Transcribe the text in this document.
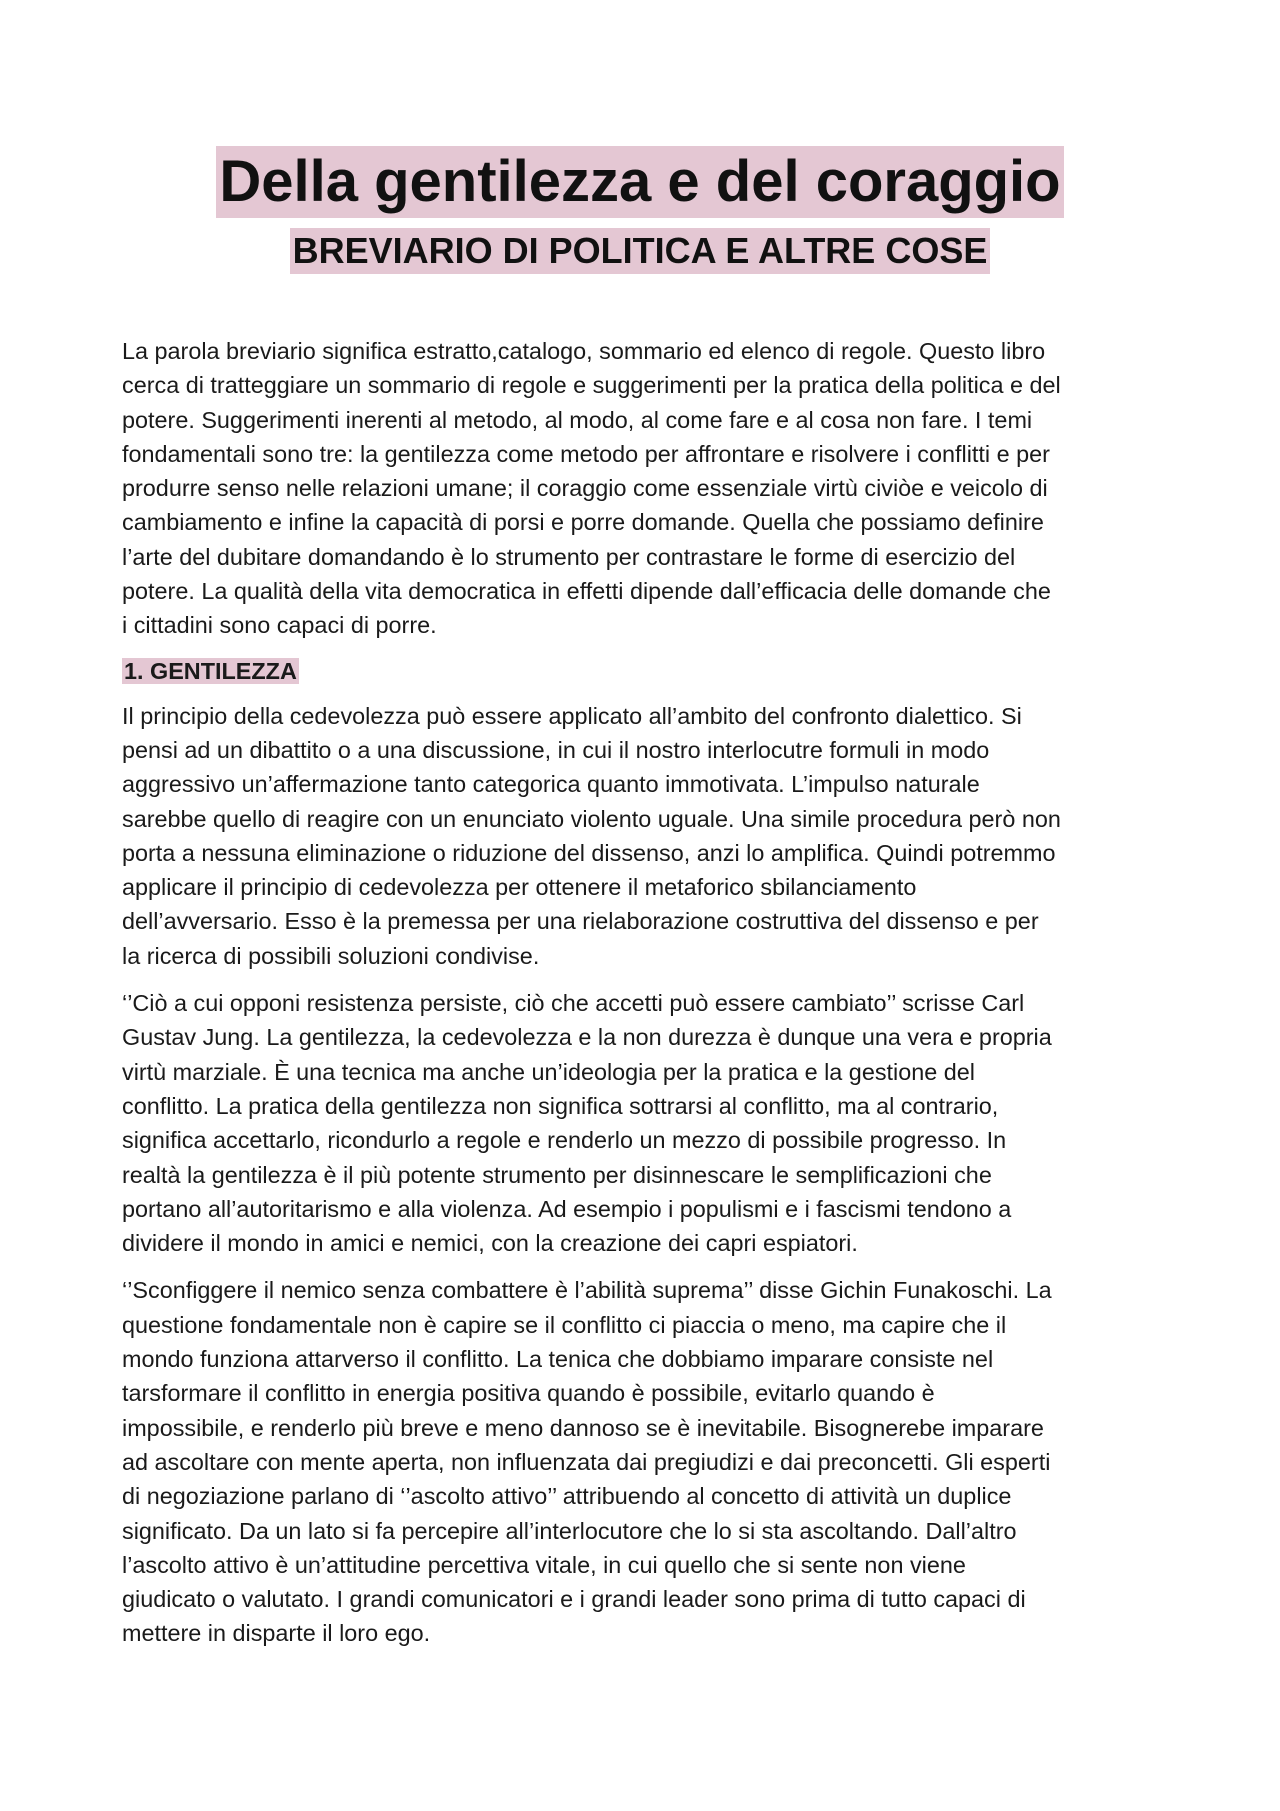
Della gentilezza e del coraggio
BREVIARIO DI POLITICA E ALTRE COSE
La parola breviario significa estratto,catalogo, sommario ed elenco di regole. Questo libro
cerca di tratteggiare un sommario di regole e suggerimenti per la pratica della politica e del
potere. Suggerimenti inerenti al metodo, al modo, al come fare e al cosa non fare. I temi
fondamentali sono tre: la gentilezza come metodo per affrontare e risolvere i conflitti e per
produrre senso nelle relazioni umane; il coraggio come essenziale virtù civiòe e veicolo di
cambiamento e infine la capacità di porsi e porre domande. Quella che possiamo definire
l’arte del dubitare domandando è lo strumento per contrastare le forme di esercizio del
potere. La qualità della vita democratica in effetti dipende dall’efficacia delle domande che
i cittadini sono capaci di porre.
1. GENTILEZZA
Il principio della cedevolezza può essere applicato all’ambito del confronto dialettico. Si
pensi ad un dibattito o a una discussione, in cui il nostro interlocutre formuli in modo
aggressivo un’affermazione tanto categorica quanto immotivata. L’impulso naturale
sarebbe quello di reagire con un enunciato violento uguale. Una simile procedura però non
porta a nessuna eliminazione o riduzione del dissenso, anzi lo amplifica. Quindi potremmo
applicare il principio di cedevolezza per ottenere il metaforico sbilanciamento
dell’avversario. Esso è la premessa per una rielaborazione costruttiva del dissenso e per
la ricerca di possibili soluzioni condivise.
‘’Ciò a cui opponi resistenza persiste, ciò che accetti può essere cambiato’’ scrisse Carl
Gustav Jung. La gentilezza, la cedevolezza e la non durezza è dunque una vera e propria
virtù marziale. È una tecnica ma anche un’ideologia per la pratica e la gestione del
conflitto. La pratica della gentilezza non significa sottrarsi al conflitto, ma al contrario,
significa accettarlo, ricondurlo a regole e renderlo un mezzo di possibile progresso. In
realtà la gentilezza è il più potente strumento per disinnescare le semplificazioni che
portano all’autoritarismo e alla violenza. Ad esempio i populismi e i fascismi tendono a
dividere il mondo in amici e nemici, con la creazione dei capri espiatori.
‘’Sconfiggere il nemico senza combattere è l’abilità suprema’’ disse Gichin Funakoschi. La
questione fondamentale non è capire se il conflitto ci piaccia o meno, ma capire che il
mondo funziona attarverso il conflitto. La tenica che dobbiamo imparare consiste nel
tarsformare il conflitto in energia positiva quando è possibile, evitarlo quando è
impossibile, e renderlo più breve e meno dannoso se è inevitabile. Bisognerebe imparare
ad ascoltare con mente aperta, non influenzata dai pregiudizi e dai preconcetti. Gli esperti
di negoziazione parlano di ‘’ascolto attivo’’ attribuendo al concetto di attività un duplice
significato. Da un lato si fa percepire all’interlocutore che lo si sta ascoltando. Dall’altro
l’ascolto attivo è un’attitudine percettiva vitale, in cui quello che si sente non viene
giudicato o valutato. I grandi comunicatori e i grandi leader sono prima di tutto capaci di
mettere in disparte il loro ego.
